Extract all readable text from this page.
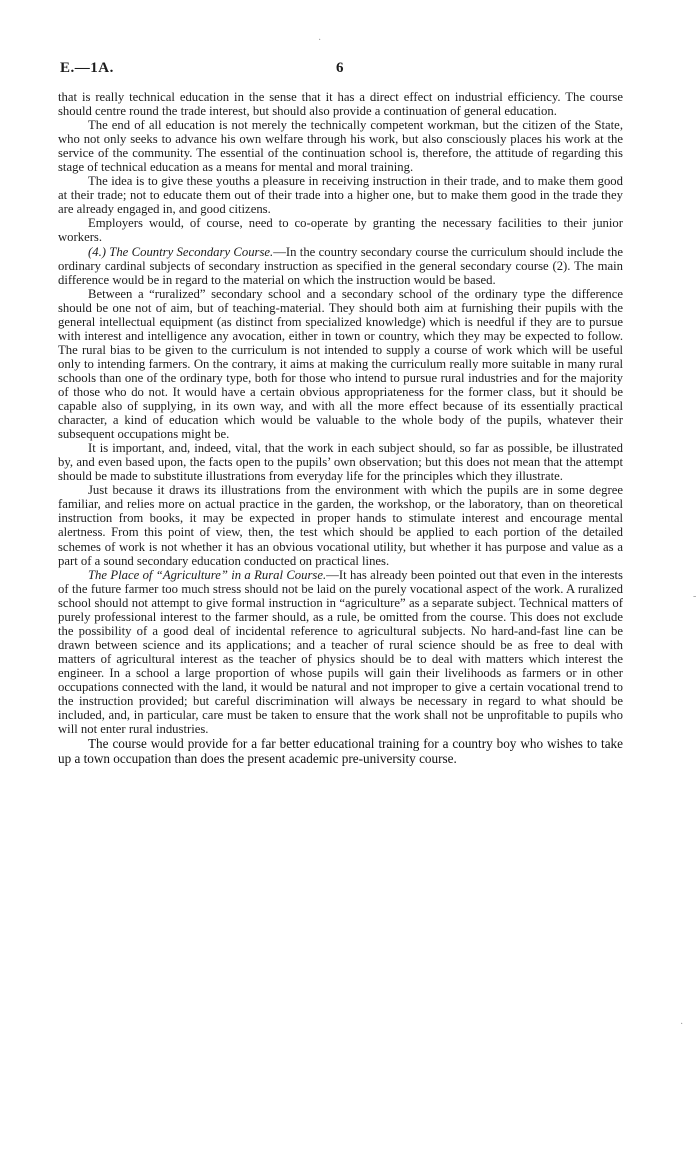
E.—1A.	6

that is really technical education in the sense that it has a direct effect on industrial efficiency. The course should centre round the trade interest, but should also provide a continuation of general education.

The end of all education is not merely the technically competent workman, but the citizen of the State, who not only seeks to advance his own welfare through his work, but also consciously places his work at the service of the community. The essential of the continuation school is, therefore, the attitude of regarding this stage of technical education as a means for mental and moral training.

The idea is to give these youths a pleasure in receiving instruction in their trade, and to make them good at their trade; not to educate them out of their trade into a higher one, but to make them good in the trade they are already engaged in, and good citizens.

Employers would, of course, need to co-operate by granting the necessary facilities to their junior workers.

(4.) The Country Secondary Course.—In the country secondary course the curriculum should include the ordinary cardinal subjects of secondary instruction as specified in the general secondary course (2). The main difference would be in regard to the material on which the instruction would be based.

Between a “ruralized” secondary school and a secondary school of the ordinary type the difference should be one not of aim, but of teaching-material. They should both aim at furnishing their pupils with the general intellectual equipment (as distinct from specialized knowledge) which is needful if they are to pursue with interest and intelligence any avocation, either in town or country, which they may be expected to follow. The rural bias to be given to the curriculum is not intended to supply a course of work which will be useful only to intending farmers. On the contrary, it aims at making the curriculum really more suitable in many rural schools than one of the ordinary type, both for those who intend to pursue rural industries and for the majority of those who do not. It would have a certain obvious appropriateness for the former class, but it should be capable also of supplying, in its own way, and with all the more effect because of its essentially practical character, a kind of education which would be valuable to the whole body of the pupils, whatever their subsequent occupations might be.

It is important, and, indeed, vital, that the work in each subject should, so far as possible, be illustrated by, and even based upon, the facts open to the pupils’ own observation; but this does not mean that the attempt should be made to substitute illustrations from everyday life for the principles which they illustrate.

Just because it draws its illustrations from the environment with which the pupils are in some degree familiar, and relies more on actual practice in the garden, the workshop, or the laboratory, than on theoretical instruction from books, it may be expected in proper hands to stimulate interest and encourage mental alertness. From this point of view, then, the test which should be applied to each portion of the detailed schemes of work is not whether it has an obvious vocational utility, but whether it has purpose and value as a part of a sound secondary education conducted on practical lines.

The Place of “Agriculture” in a Rural Course.—It has already been pointed out that even in the interests of the future farmer too much stress should not be laid on the purely vocational aspect of the work. A ruralized school should not attempt to give formal instruction in “agriculture” as a separate subject. Technical matters of purely professional interest to the farmer should, as a rule, be omitted from the course. This does not exclude the possibility of a good deal of incidental reference to agricultural subjects. No hard-and-fast line can be drawn between science and its applications; and a teacher of rural science should be as free to deal with matters of agricultural interest as the teacher of physics should be to deal with matters which interest the engineer. In a school a large proportion of whose pupils will gain their livelihoods as farmers or in other occupations connected with the land, it would be natural and not improper to give a certain vocational trend to the instruction provided; but careful discrimination will always be necessary in regard to what should be included, and, in particular, care must be taken to ensure that the work shall not be unprofitable to pupils who will not enter rural industries.

The course would provide for a far better educational training for a country boy who wishes to take up a town occupation than does the present academic pre-university course.

·
-
·
